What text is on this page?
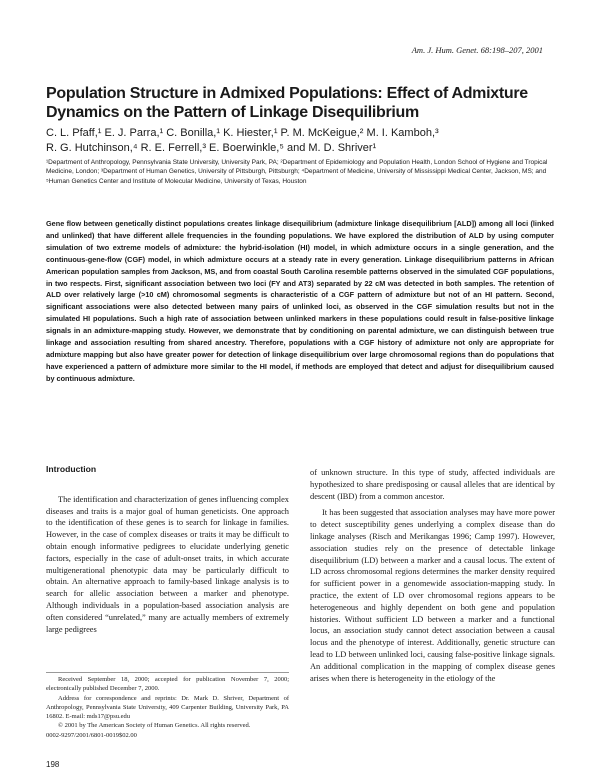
Am. J. Hum. Genet. 68:198–207, 2001
Population Structure in Admixed Populations: Effect of Admixture Dynamics on the Pattern of Linkage Disequilibrium
C. L. Pfaff,¹ E. J. Parra,¹ C. Bonilla,¹ K. Hiester,¹ P. M. McKeigue,² M. I. Kamboh,³
R. G. Hutchinson,⁴ R. E. Ferrell,³ E. Boerwinkle,⁵ and M. D. Shriver¹

¹Department of Anthropology, Pennsylvania State University, University Park, PA; ²Department of Epidemiology and Population Health, London School of Hygiene and Tropical Medicine, London; ³Department of Human Genetics, University of Pittsburgh, Pittsburgh; ⁴Department of Medicine, University of Mississippi Medical Center, Jackson, MS; and ⁵Human Genetics Center and Institute of Molecular Medicine, University of Texas, Houston

Gene flow between genetically distinct populations creates linkage disequilibrium (admixture linkage disequilibrium [ALD]) among all loci (linked and unlinked) that have different allele frequencies in the founding populations. We have explored the distribution of ALD by using computer simulation of two extreme models of admixture: the hybrid-isolation (HI) model, in which admixture occurs in a single generation, and the continuous-gene-flow (CGF) model, in which admixture occurs at a steady rate in every generation. Linkage disequilibrium patterns in African American population samples from Jackson, MS, and from coastal South Carolina resemble patterns observed in the simulated CGF populations, in two respects. First, significant association between two loci (FY and AT3) separated by 22 cM was detected in both samples. The retention of ALD over relatively large (>10 cM) chromosomal segments is characteristic of a CGF pattern of admixture but not of an HI pattern. Second, significant associations were also detected between many pairs of unlinked loci, as observed in the CGF simulation results but not in the simulated HI populations. Such a high rate of association between unlinked markers in these populations could result in false-positive linkage signals in an admixture-mapping study. However, we demonstrate that by conditioning on parental admixture, we can distinguish between true linkage and association resulting from shared ancestry. Therefore, populations with a CGF history of admixture not only are appropriate for admixture mapping but also have greater power for detection of linkage disequilibrium over large chromosomal regions than do populations that have experienced a pattern of admixture more similar to the HI model, if methods are employed that detect and adjust for disequilibrium caused by continuous admixture.

Introduction

The identification and characterization of genes influencing complex diseases and traits is a major goal of human geneticists. One approach to the identification of these genes is to search for linkage in families. However, in the case of complex diseases or traits it may be difficult to obtain enough informative pedigrees to elucidate underlying genetic factors, especially in the case of adult-onset traits, in which accurate multigenerational phenotypic data may be particularly difficult to obtain. An alternative approach to family-based linkage analysis is to search for allelic association between a marker and phenotype. Although individuals in a population-based association analysis are often considered “unrelated,” many are actually members of extremely large pedigrees

of unknown structure. In this type of study, affected individuals are hypothesized to share predisposing or causal alleles that are identical by descent (IBD) from a common ancestor.

It has been suggested that association analyses may have more power to detect susceptibility genes underlying a complex disease than do linkage analyses (Risch and Merikangas 1996; Camp 1997). However, association studies rely on the presence of detectable linkage disequilibrium (LD) between a marker and a causal locus. The extent of LD across chromosomal regions determines the marker density required for sufficient power in a genomewide association-mapping study. In practice, the extent of LD over chromosomal regions appears to be heterogeneous and highly dependent on both gene and population histories. Without sufficient LD between a marker and a functional locus, an association study cannot detect association between a causal locus and the phenotype of interest. Additionally, genetic structure can lead to LD between unlinked loci, causing false-positive linkage signals. An additional complication in the mapping of complex disease genes arises when there is heterogeneity in the etiology of the

Received September 18, 2000; accepted for publication November 7, 2000; electronically published December 7, 2000.

Address for correspondence and reprints: Dr. Mark D. Shriver, Department of Anthropology, Pennsylvania State University, 409 Carpenter Building, University Park, PA 16802. E-mail: mds17@psu.edu

© 2001 by The American Society of Human Genetics. All rights reserved.

0002-9297/2001/6801-0019$02.00

198
